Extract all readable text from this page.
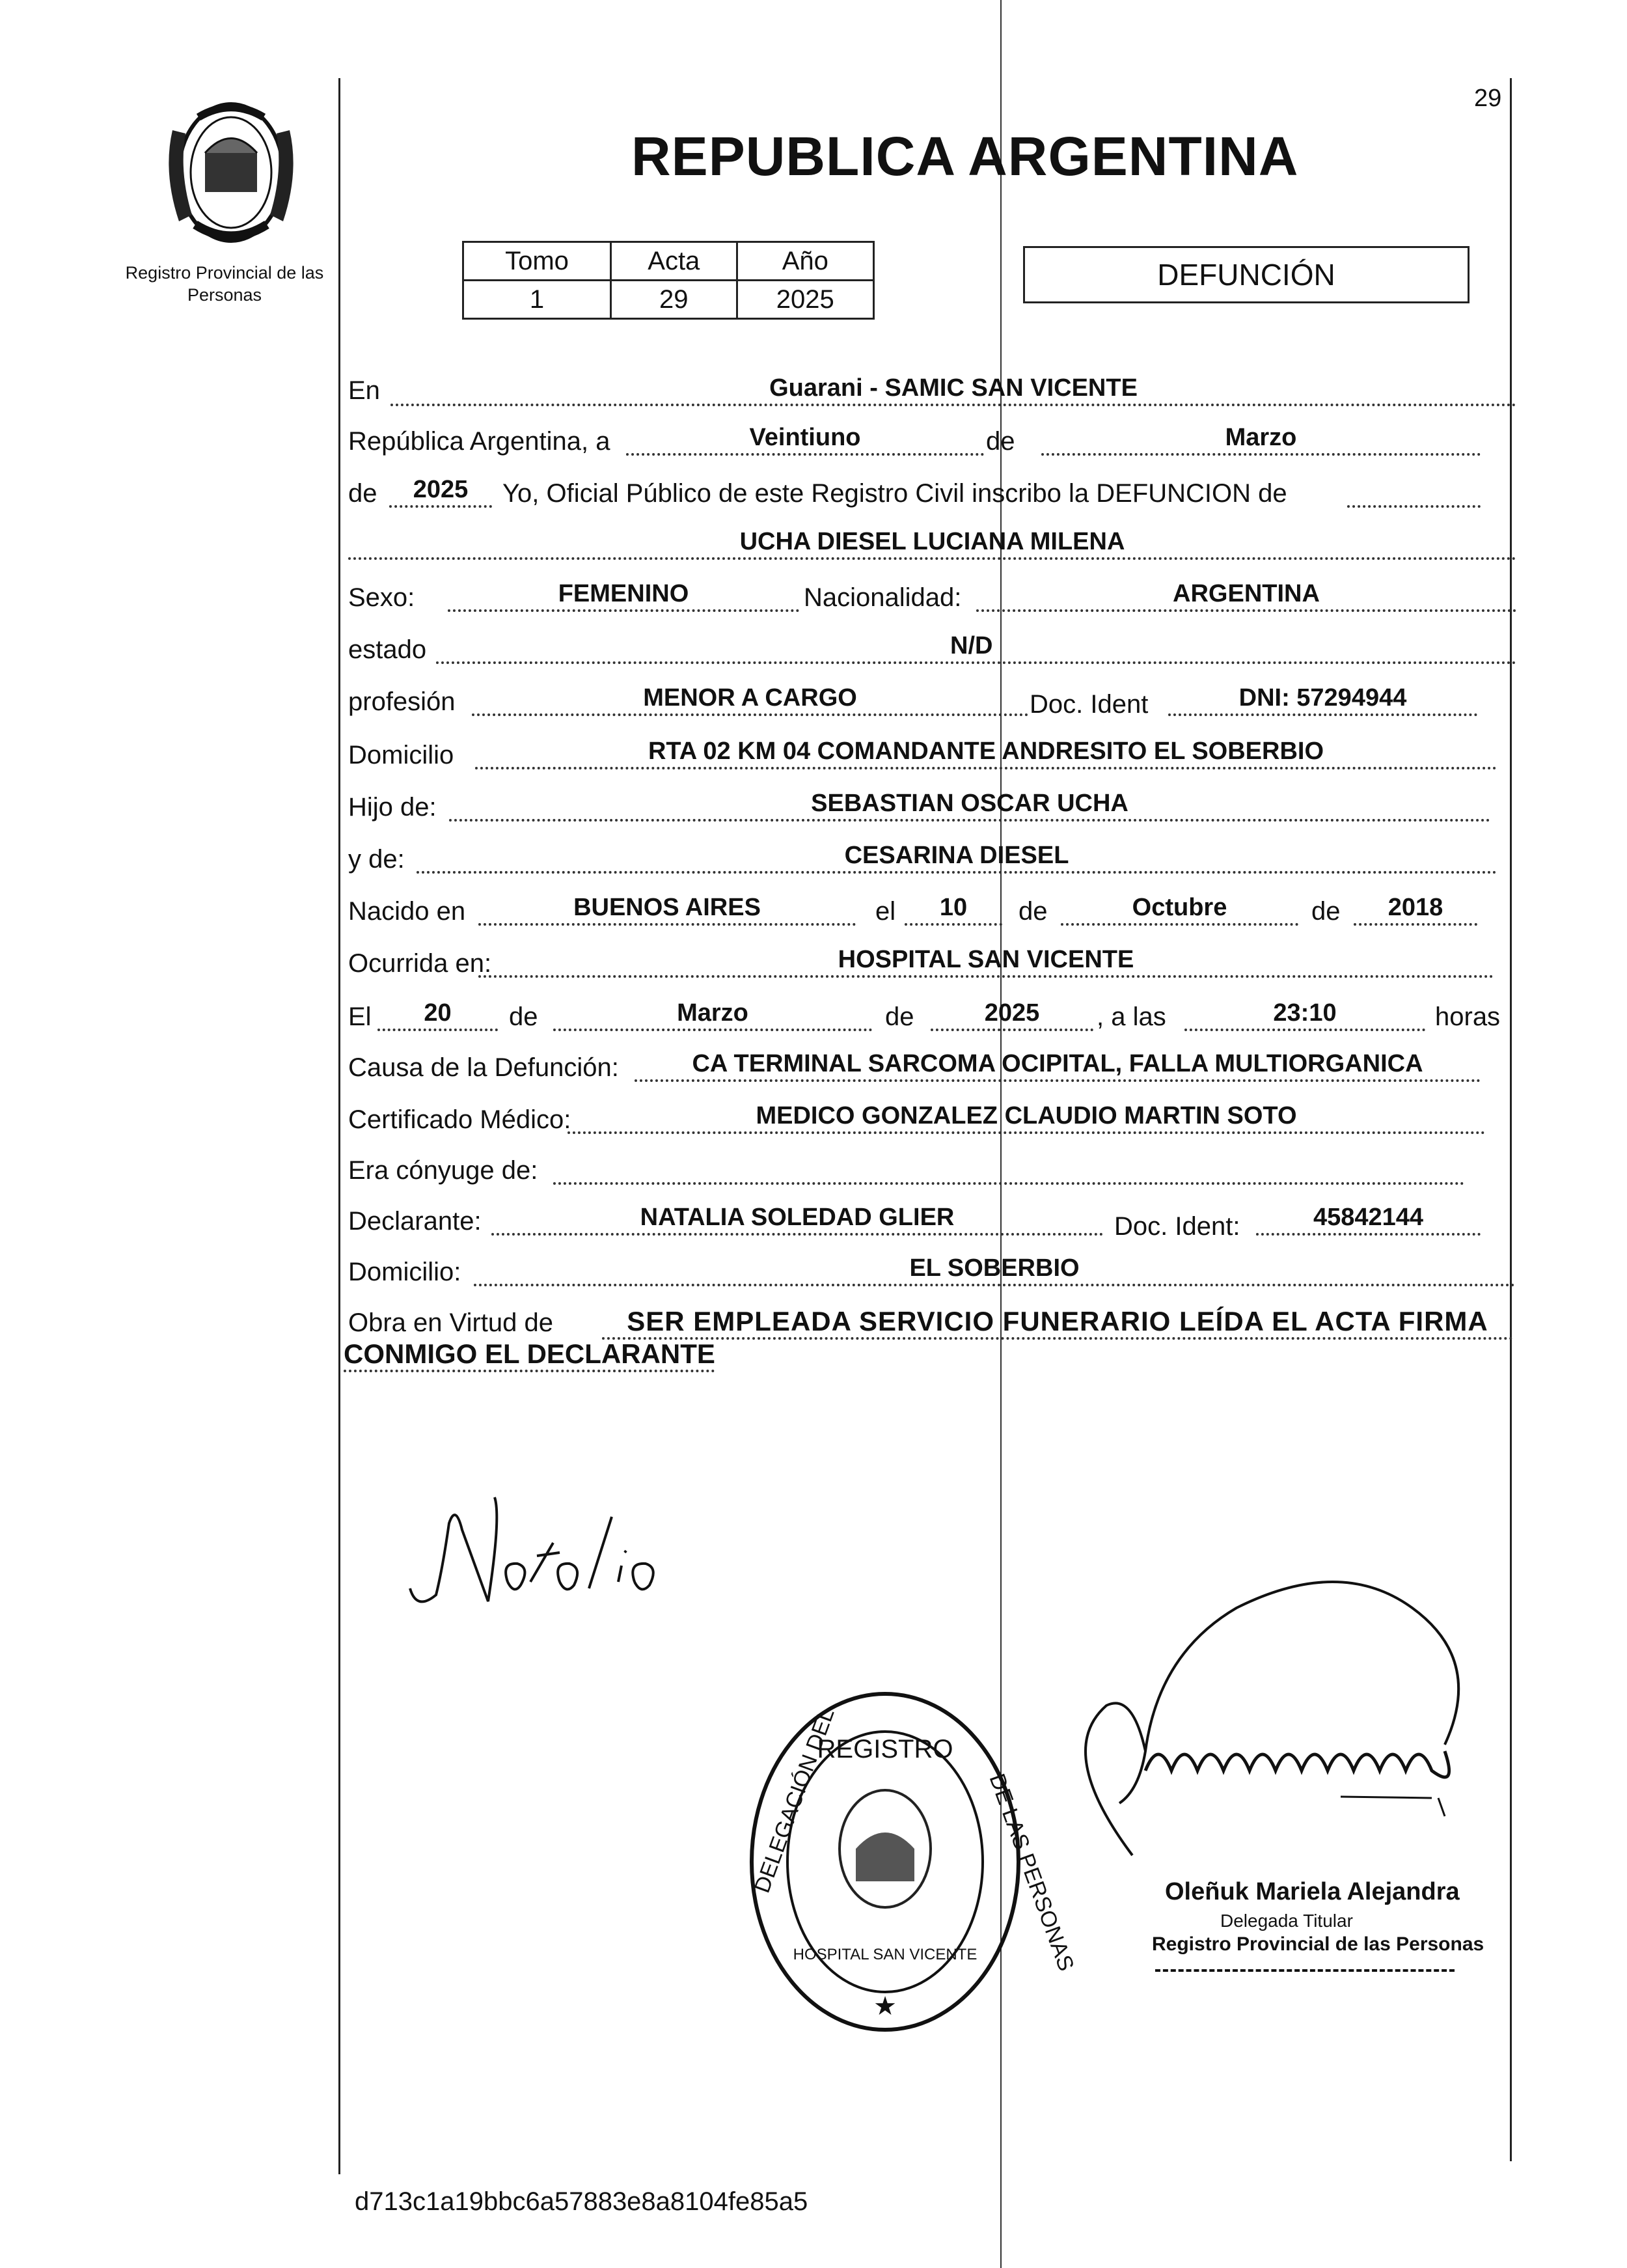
29
Registro Provincial de las Personas
REPUBLICA ARGENTINA
Tomo	Acta	Año
1	29	2025
DEFUNCIÓN
En	Guarani - SAMIC SAN VICENTE
República Argentina, a	Veintiuno	de	Marzo
de	2025	Yo, Oficial Público de este Registro Civil inscribo la DEFUNCION de
UCHA DIESEL LUCIANA MILENA
Sexo:	FEMENINO	Nacionalidad:	ARGENTINA
estado	N/D
profesión	MENOR A CARGO	Doc. Ident	DNI: 57294944
Domicilio	RTA 02 KM 04 COMANDANTE ANDRESITO EL SOBERBIO
Hijo de:	SEBASTIAN OSCAR UCHA
y de:	CESARINA DIESEL
Nacido en	BUENOS AIRES	el	10	de	Octubre	de	2018
Ocurrida en:	HOSPITAL SAN VICENTE
El	20	de	Marzo	de	2025	, a las	23:10	horas
Causa de la Defunción:	CA TERMINAL SARCOMA OCIPITAL, FALLA MULTIORGANICA
Certificado Médico:	MEDICO GONZALEZ CLAUDIO MARTIN SOTO
Era cónyuge de:
Declarante:	NATALIA SOLEDAD GLIER	Doc. Ident:	45842144
Domicilio:	EL SOBERBIO
Obra en Virtud de	SER EMPLEADA SERVICIO FUNERARIO LEÍDA EL ACTA FIRMA
CONMIGO EL DECLARANTE
REGISTRO
DELEGACIÓN DEL	DE LAS PERSONAS
HOSPITAL SAN VICENTE
★
Oleñuk Mariela Alejandra
Delegada Titular
Registro Provincial de las Personas
d713c1a19bbc6a57883e8a8104fe85a5
